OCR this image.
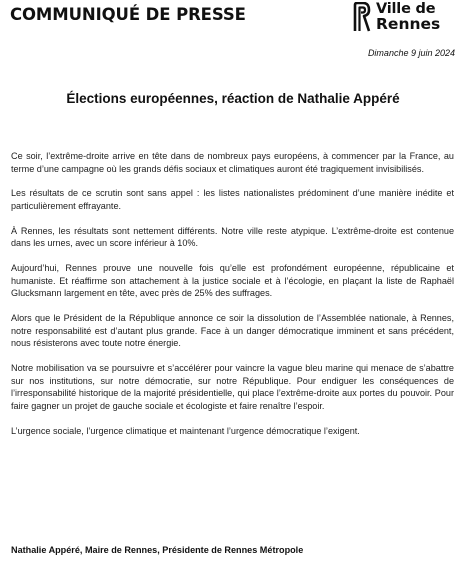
COMMUNIQUÉ DE PRESSE	Ville de
Rennes
Dimanche 9 juin 2024
Élections européennes, réaction de Nathalie Appéré

Ce soir, l’extrême-droite arrive en tête dans de nombreux pays européens, à commencer par la France, au terme d’une campagne où les grands défis sociaux et climatiques auront été tragiquement invisibilisés.

Les résultats de ce scrutin sont sans appel : les listes nationalistes prédominent d’une manière inédite et particulièrement effrayante.

À Rennes, les résultats sont nettement différents. Notre ville reste atypique. L’extrême-droite est contenue dans les urnes, avec un score inférieur à 10%.

Aujourd’hui, Rennes prouve une nouvelle fois qu’elle est profondément européenne, républicaine et humaniste. Et réaffirme son attachement à la justice sociale et à l’écologie, en plaçant la liste de Raphaël Glucksmann largement en tête, avec près de 25% des suffrages.

Alors que le Président de la République annonce ce soir la dissolution de l’Assemblée nationale, à Rennes, notre responsabilité est d’autant plus grande. Face à un danger démocratique imminent et sans précédent, nous résisterons avec toute notre énergie.

Notre mobilisation va se poursuivre et s’accélérer pour vaincre la vague bleu marine qui menace de s’abattre sur nos institutions, sur notre démocratie, sur notre République. Pour endiguer les conséquences de l’irresponsabilité historique de la majorité présidentielle, qui place l’extrême-droite aux portes du pouvoir. Pour faire gagner un projet de gauche sociale et écologiste et faire renaître l’espoir.

L’urgence sociale, l’urgence climatique et maintenant l’urgence démocratique l’exigent.

Nathalie Appéré, Maire de Rennes, Présidente de Rennes Métropole
